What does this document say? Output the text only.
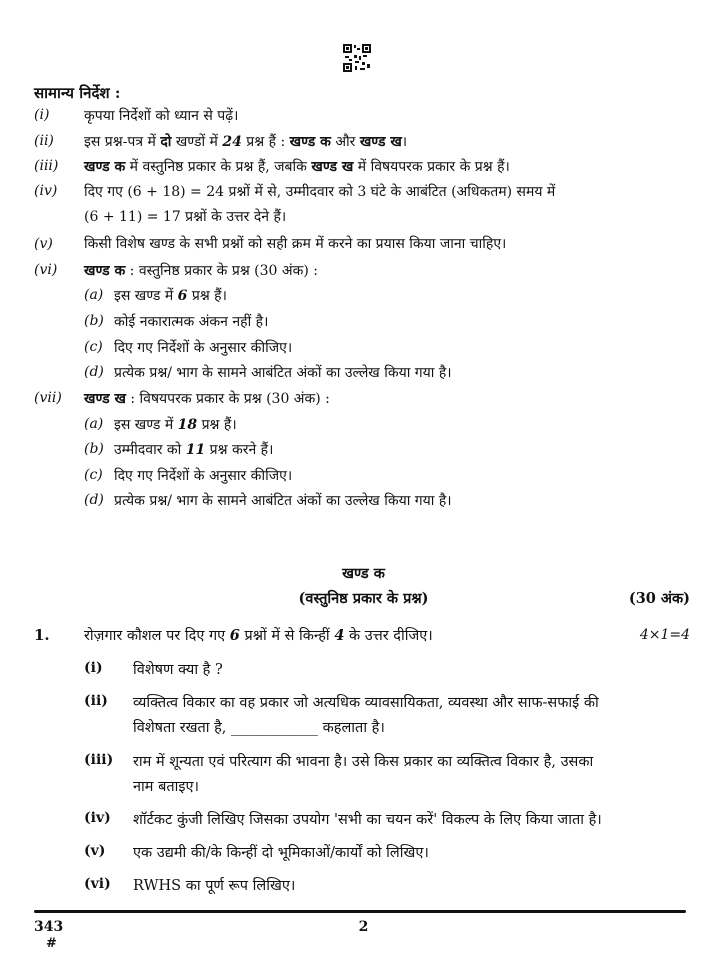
सामान्य निर्देश :
(i) कृपया निर्देशों को ध्यान से पढ़ें।
(ii) इस प्रश्न-पत्र में दो खण्डों में 24 प्रश्न हैं : खण्ड क और खण्ड ख।
(iii) खण्ड क में वस्तुनिष्ठ प्रकार के प्रश्न हैं, जबकि खण्ड ख में विषयपरक प्रकार के प्रश्न हैं।
(iv) दिए गए (6 + 18) = 24 प्रश्नों में से, उम्मीदवार को 3 घंटे के आबंटित (अधिकतम) समय में
(6 + 11) = 17 प्रश्नों के उत्तर देने हैं।
(v) किसी विशेष खण्ड के सभी प्रश्नों को सही क्रम में करने का प्रयास किया जाना चाहिए।
(vi) खण्ड क : वस्तुनिष्ठ प्रकार के प्रश्न (30 अंक) :
(a) इस खण्ड में 6 प्रश्न हैं।
(b) कोई नकारात्मक अंकन नहीं है।
(c) दिए गए निर्देशों के अनुसार कीजिए।
(d) प्रत्येक प्रश्न/ भाग के सामने आबंटित अंकों का उल्लेख किया गया है।
(vii) खण्ड ख : विषयपरक प्रकार के प्रश्न (30 अंक) :
(a) इस खण्ड में 18 प्रश्न हैं।
(b) उम्मीदवार को 11 प्रश्न करने हैं।
(c) दिए गए निर्देशों के अनुसार कीजिए।
(d) प्रत्येक प्रश्न/ भाग के सामने आबंटित अंकों का उल्लेख किया गया है।
खण्ड क
(वस्तुनिष्ठ प्रकार के प्रश्न)	(30 अंक)
1. रोज़गार कौशल पर दिए गए 6 प्रश्नों में से किन्हीं 4 के उत्तर दीजिए।	4×1=4
(i) विशेषण क्या है ?
(ii) व्यक्तित्व विकार का वह प्रकार जो अत्यधिक व्यावसायिकता, व्यवस्था और साफ-सफाई की
विशेषता रखता है, ____________ कहलाता है।
(iii) राम में शून्यता एवं परित्याग की भावना है। उसे किस प्रकार का व्यक्तित्व विकार है, उसका
नाम बताइए।
(iv) शॉर्टकट कुंजी लिखिए जिसका उपयोग 'सभी का चयन करें' विकल्प के लिए किया जाता है।
(v) एक उद्यमी की/के किन्हीं दो भूमिकाओं/कार्यों को लिखिए।
(vi) RWHS का पूर्ण रूप लिखिए।
343
#
2
